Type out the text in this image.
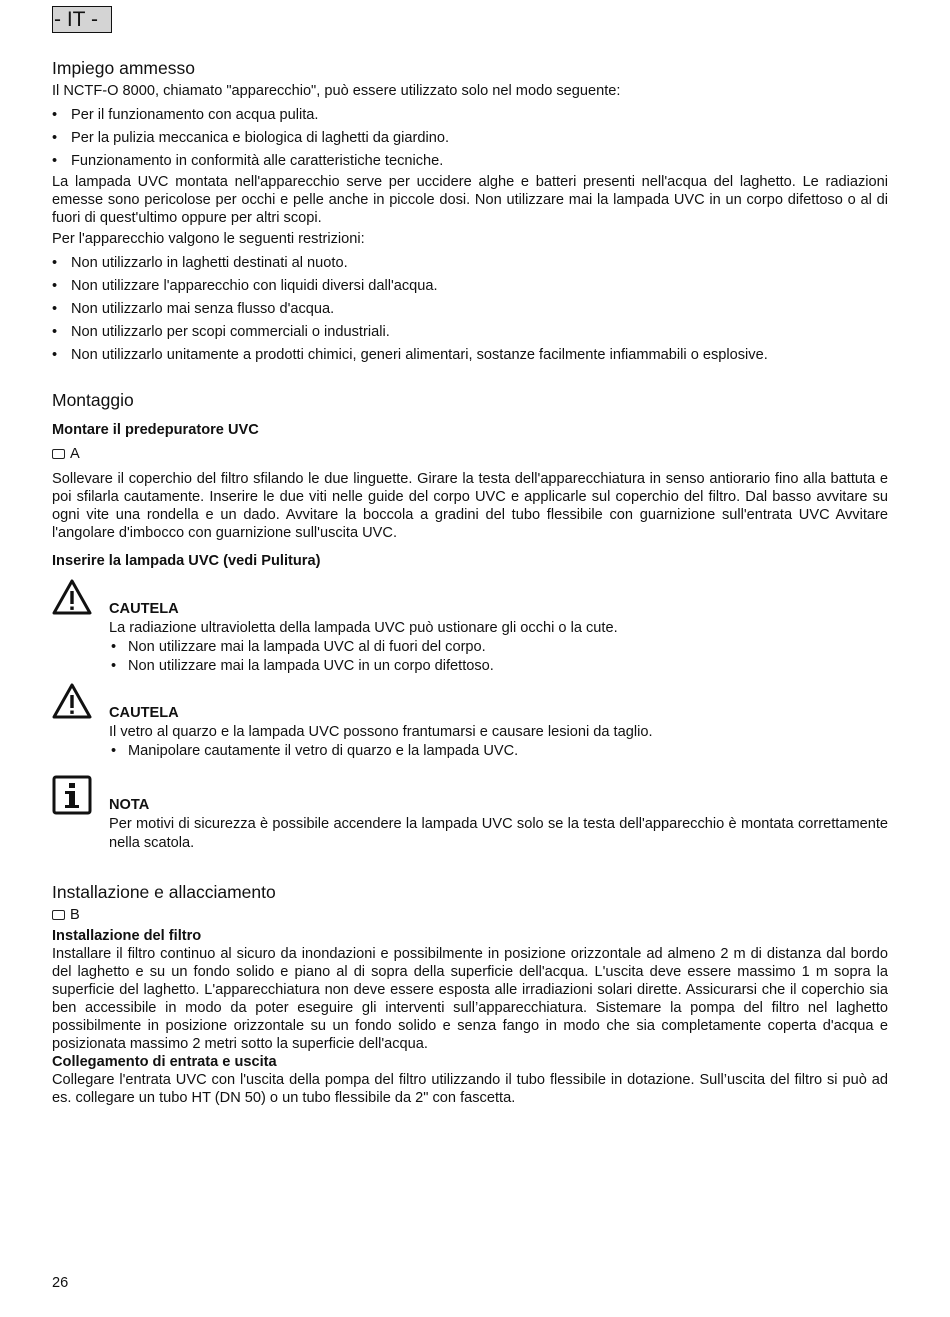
- IT -
Impiego ammesso

Il NCTF-O 8000, chiamato "apparecchio", può essere utilizzato solo nel modo seguente:

• Per il funzionamento con acqua pulita.
• Per la pulizia meccanica e biologica di laghetti da giardino.
• Funzionamento in conformità alle caratteristiche tecniche.

La lampada UVC montata nell'apparecchio serve per uccidere alghe e batteri presenti nell'acqua del laghetto. Le radiazioni emesse sono pericolose per occhi e pelle anche in piccole dosi. Non utilizzare mai la lampada UVC in un corpo difettoso o al di fuori di quest'ultimo oppure per altri scopi.

Per l'apparecchio valgono le seguenti restrizioni:

• Non utilizzarlo in laghetti destinati al nuoto.
• Non utilizzare l'apparecchio con liquidi diversi dall'acqua.
• Non utilizzarlo mai senza flusso d'acqua.
• Non utilizzarlo per scopi commerciali o industriali.
• Non utilizzarlo unitamente a prodotti chimici, generi alimentari, sostanze facilmente infiammabili o esplosive.
Montaggio
Montare il predepuratore UVC
A

Sollevare il coperchio del filtro sfilando le due linguette. Girare la testa dell'apparecchiatura in senso antiorario fino alla battuta e poi sfilarla cautamente. Inserire le due viti nelle guide del corpo UVC e applicarle sul coperchio del filtro. Dal basso avvitare su ogni vite una rondella e un dado. Avvitare la boccola a gradini del tubo flessibile con guarnizione sull'entrata UVC Avvitare l'angolare d'imbocco con guarnizione sull'uscita UVC.

Inserire la lampada UVC (vedi Pulitura)
CAUTELA

La radiazione ultravioletta della lampada UVC può ustionare gli occhi o la cute.

• Non utilizzare mai la lampada UVC al di fuori del corpo.
• Non utilizzare mai la lampada UVC in un corpo difettoso.
CAUTELA

Il vetro al quarzo e la lampada UVC possono frantumarsi e causare lesioni da taglio.

• Manipolare cautamente il vetro di quarzo e la lampada UVC.
NOTA

Per motivi di sicurezza è possibile accendere la lampada UVC solo se la testa dell'apparecchio è montata correttamente nella scatola.

Installazione e allacciamento
B
Installazione del filtro

Installare il filtro continuo al sicuro da inondazioni e possibilmente in posizione orizzontale ad almeno 2 m di distanza dal bordo del laghetto e su un fondo solido e piano al di sopra della superficie dell'acqua. L'uscita deve essere massimo 1 m sopra la superficie del laghetto. L'apparecchiatura non deve essere esposta alle irradiazioni solari dirette. Assicurarsi che il coperchio sia ben accessibile in modo da poter eseguire gli interventi sull’apparecchiatura. Sistemare la pompa del filtro nel laghetto possibilmente in posizione orizzontale su un fondo solido e senza fango in modo che sia completamente coperta d'acqua e posizionata massimo 2 metri sotto la superficie dell'acqua.

Collegamento di entrata e uscita

Collegare l'entrata UVC con l'uscita della pompa del filtro utilizzando il tubo flessibile in dotazione. Sull’uscita del filtro si può ad es. collegare un tubo HT (DN 50) o un tubo flessibile da 2" con fascetta.

26
